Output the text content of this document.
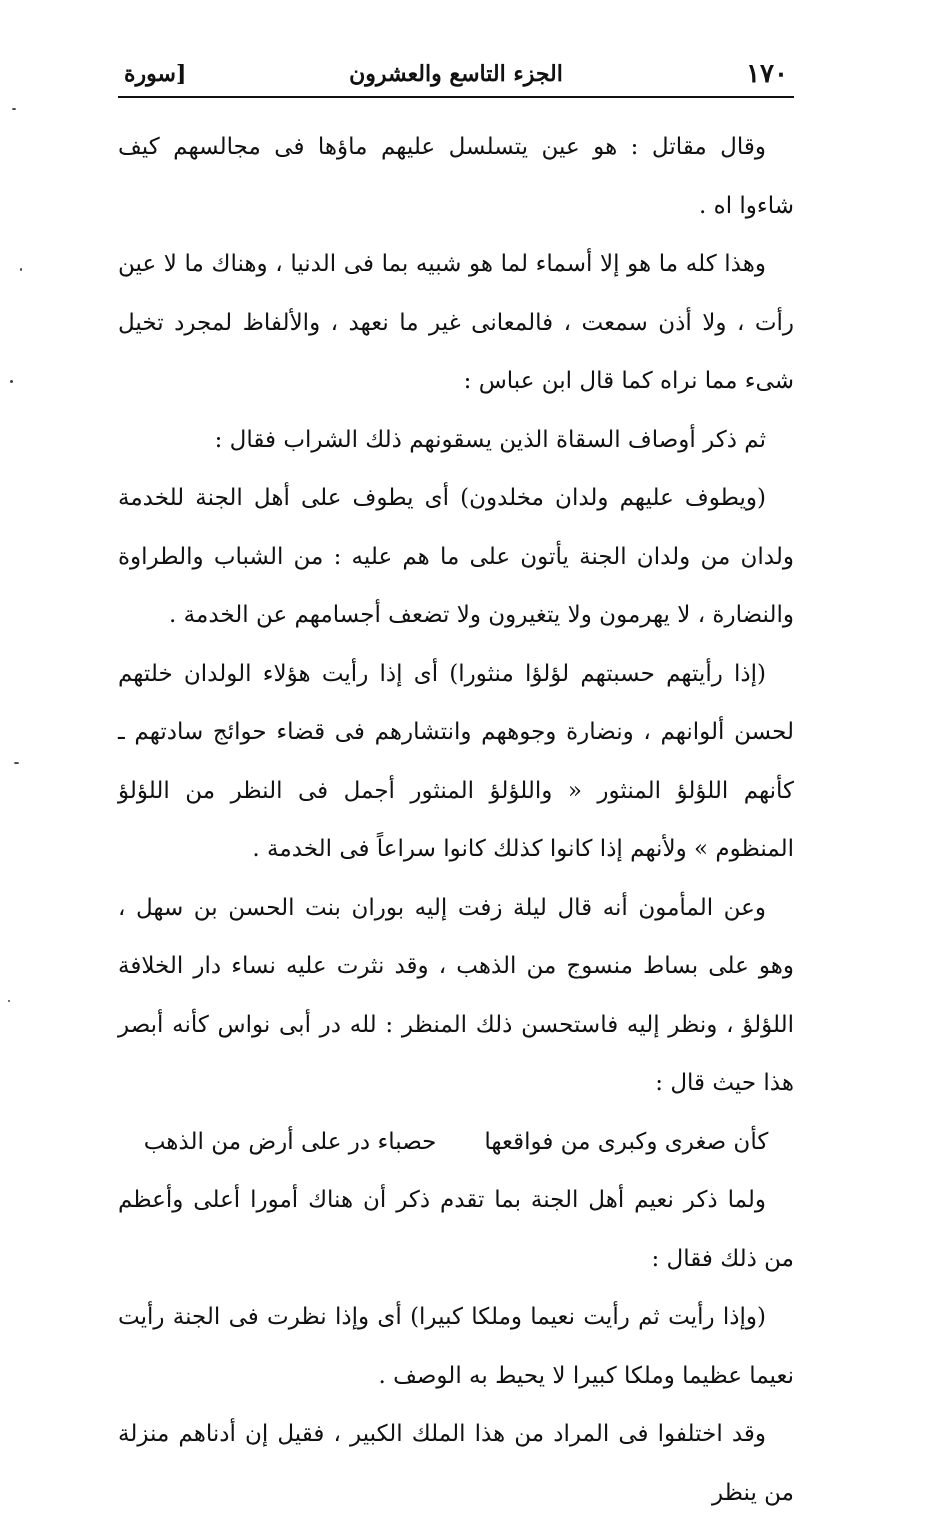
١٧٠
الجزء التاسع والعشرون
[سورة

وقال مقاتل : هو عين يتسلسل عليهم ماؤها فى مجالسهم كيف شاءوا اه .

وهذا كله ما هو إلا أسماء لما هو شبيه بما فى الدنيا ، وهناك ما لا عين رأت ، ولا أذن سمعت ، فالمعانى غير ما نعهد ، والألفاظ لمجرد تخيل شىء مما نراه كما قال ابن عباس :

ثم ذكر أوصاف السقاة الذين يسقونهم ذلك الشراب فقال :

(ويطوف عليهم ولدان مخلدون) أى يطوف على أهل الجنة للخدمة ولدان من ولدان الجنة يأتون على ما هم عليه : من الشباب والطراوة والنضارة ، لا يهرمون ولا يتغيرون ولا تضعف أجسامهم عن الخدمة .

(إذا رأيتهم حسبتهم لؤلؤا منثورا) أى إذا رأيت هؤلاء الولدان خلتهم لحسن ألوانهم ، ونضارة وجوههم وانتشارهم فى قضاء حوائج سادتهم ـ كأنهم اللؤلؤ المنثور « واللؤلؤ المنثور أجمل فى النظر من اللؤلؤ المنظوم » ولأنهم إذا كانوا كذلك كانوا سراعاً فى الخدمة .

وعن المأمون أنه قال ليلة زفت إليه بوران بنت الحسن بن سهل ، وهو على بساط منسوج من الذهب ، وقد نثرت عليه نساء دار الخلافة اللؤلؤ ، ونظر إليه فاستحسن ذلك المنظر : لله در أبى نواس كأنه أبصر هذا حيث قال :

كأن صغرى وكبرى من فواقعها
حصباء در على أرض من الذهب

ولما ذكر نعيم أهل الجنة بما تقدم ذكر أن هناك أمورا أعلى وأعظم من ذلك فقال :

(وإذا رأيت ثم رأيت نعيما وملكا كبيرا) أى وإذا نظرت فى الجنة رأيت نعيما عظيما وملكا كبيرا لا يحيط به الوصف .

وقد اختلفوا فى المراد من هذا الملك الكبير ، فقيل إن أدناهم منزلة من ينظر
